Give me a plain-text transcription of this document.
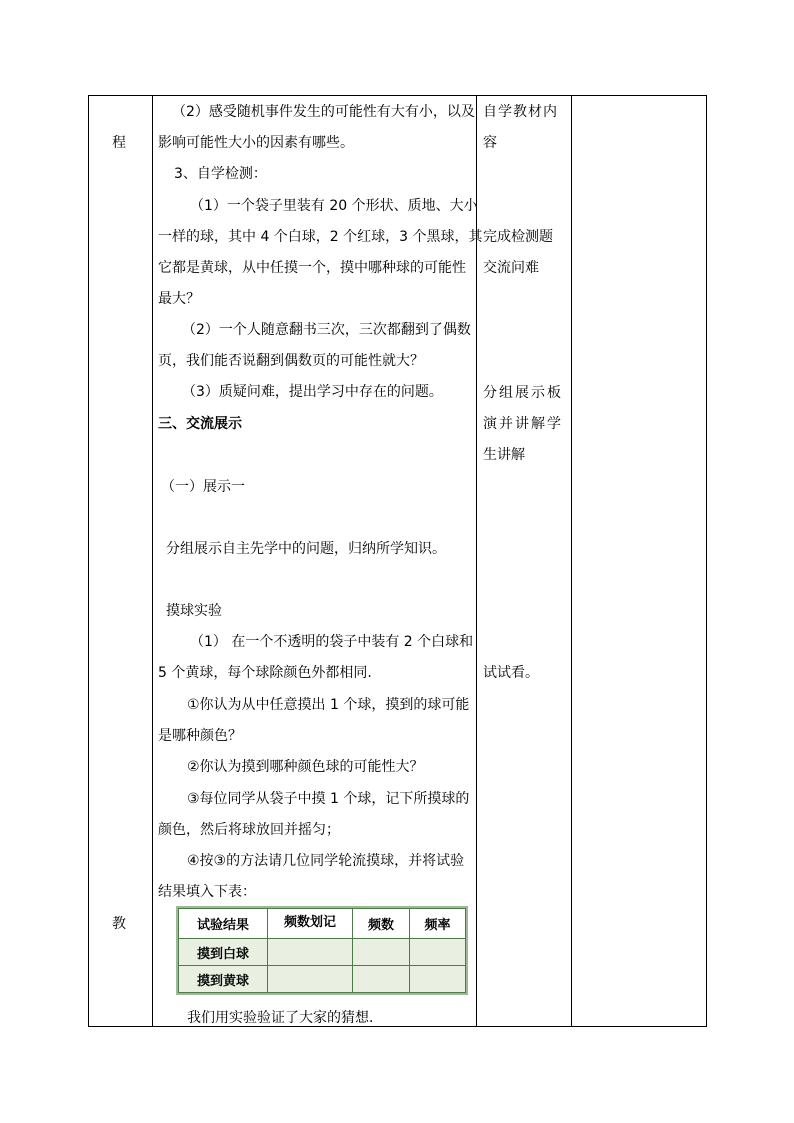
程
教
（2）感受随机事件发生的可能性有大有小，以及
影响可能性大小的因素有哪些。
3、自学检测：
（1）一个袋子里装有 20 个形状、质地、大小
一样的球，其中 4 个白球，2 个红球，3 个黑球，其
它都是黄球，从中任摸一个，摸中哪种球的可能性
最大？
（2）一个人随意翻书三次，三次都翻到了偶数
页，我们能否说翻到偶数页的可能性就大？
（3）质疑问难，提出学习中存在的问题。
三、交流展示
（一）展示一
分组展示自主先学中的问题，归纳所学知识。
摸球实验
（1） 在一个不透明的袋子中装有 2 个白球和
5 个黄球，每个球除颜色外都相同.
①你认为从中任意摸出 1 个球，摸到的球可能
是哪种颜色？
②你认为摸到哪种颜色球的可能性大？
③每位同学从袋子中摸 1 个球，记下所摸球的
颜色，然后将球放回并摇匀；
④按③的方法请几位同学轮流摸球，并将试验
结果填入下表：
试验结果	频数划记	频数	频率
摸到白球			
摸到黄球			
我们用实验验证了大家的猜想.
自学教材内
容
完成检测题
交流问难
分组展示板
演并讲解学
生讲解
试试看。
